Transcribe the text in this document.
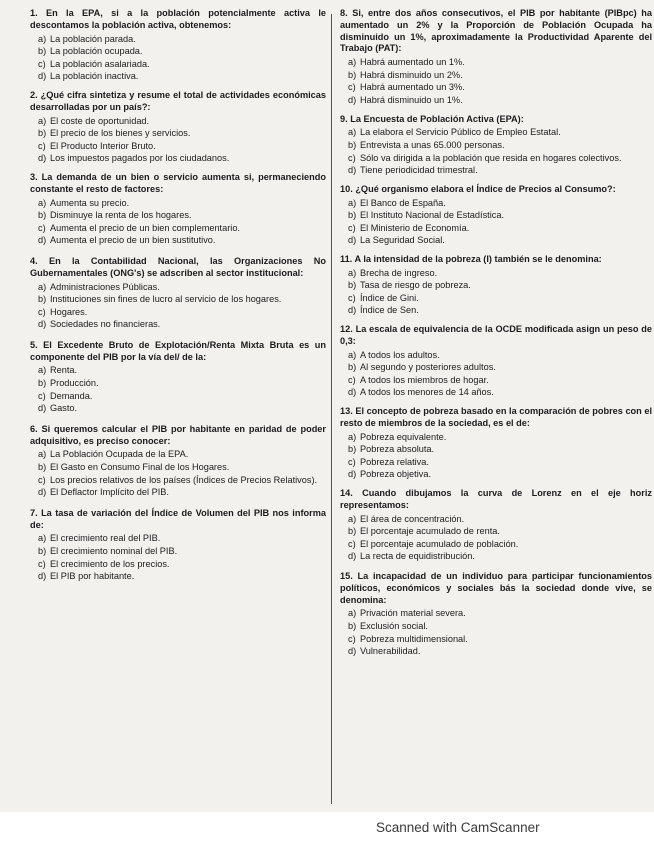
1. En la EPA, si a la población potencialmente activa le descontamos la población activa, obtenemos:
a) La población parada.
b) La población ocupada.
c) La población asalariada.
d) La población inactiva.
2. ¿Qué cifra sintetiza y resume el total de actividades económicas desarrolladas por un país?:
a) El coste de oportunidad.
b) El precio de los bienes y servicios.
c) El Producto Interior Bruto.
d) Los impuestos pagados por los ciudadanos.
3. La demanda de un bien o servicio aumenta si, permaneciendo constante el resto de factores:
a) Aumenta su precio.
b) Disminuye la renta de los hogares.
c) Aumenta el precio de un bien complementario.
d) Aumenta el precio de un bien sustitutivo.
4. En la Contabilidad Nacional, las Organizaciones No Gubernamentales (ONG's) se adscriben al sector institucional:
a) Administraciones Públicas.
b) Instituciones sin fines de lucro al servicio de los hogares.
c) Hogares.
d) Sociedades no financieras.
5. El Excedente Bruto de Explotación/Renta Mixta Bruta es un componente del PIB por la vía del/ de la:
a) Renta.
b) Producción.
c) Demanda.
d) Gasto.
6. Si queremos calcular el PIB por habitante en paridad de poder adquisitivo, es preciso conocer:
a) La Población Ocupada de la EPA.
b) El Gasto en Consumo Final de los Hogares.
c) Los precios relativos de los países (Índices de Precios Relativos).
d) El Deflactor Implícito del PIB.
7. La tasa de variación del Índice de Volumen del PIB nos informa de:
a) El crecimiento real del PIB.
b) El crecimiento nominal del PIB.
c) El crecimiento de los precios.
d) El PIB por habitante.
8. Si, entre dos años consecutivos, el PIB por habitante (PIBpc) ha aumentado un 2% y la Proporción de Población Ocupada ha disminuido un 1%, aproximadamente la Productividad Aparente del Trabajo (PAT):
a) Habrá aumentado un 1%.
b) Habrá disminuido un 2%.
c) Habrá aumentado un 3%.
d) Habrá disminuido un 1%.
9. La Encuesta de Población Activa (EPA):
a) La elabora el Servicio Público de Empleo Estatal.
b) Entrevista a unas 65.000 personas.
c) Sólo va dirigida a la población que resida en hogares colectivos.
d) Tiene periodicidad trimestral.
10. ¿Qué organismo elabora el Índice de Precios al Consumo?:
a) El Banco de España.
b) El Instituto Nacional de Estadística.
c) El Ministerio de Economía.
d) La Seguridad Social.
11. A la intensidad de la pobreza (I) también se le denomina:
a) Brecha de ingreso.
b) Tasa de riesgo de pobreza.
c) Índice de Gini.
d) Índice de Sen.
12. La escala de equivalencia de la OCDE modificada asign un peso de 0,3:
a) A todos los adultos.
b) Al segundo y posteriores adultos.
c) A todos los miembros de hogar.
d) A todos los menores de 14 años.
13. El concepto de pobreza basado en la comparación de pobres con el resto de miembros de la sociedad, es el de:
a) Pobreza equivalente.
b) Pobreza absoluta.
c) Pobreza relativa.
d) Pobreza objetiva.
14. Cuando dibujamos la curva de Lorenz en el eje horiz representamos:
a) El área de concentración.
b) El porcentaje acumulado de renta.
c) El porcentaje acumulado de población.
d) La recta de equidistribución.
15. La incapacidad de un individuo para participar funcionamientos políticos, económicos y sociales bás la sociedad donde vive, se denomina:
a) Privación material severa.
b) Exclusión social.
c) Pobreza multidimensional.
d) Vulnerabilidad.
Scanned with CamScanner
